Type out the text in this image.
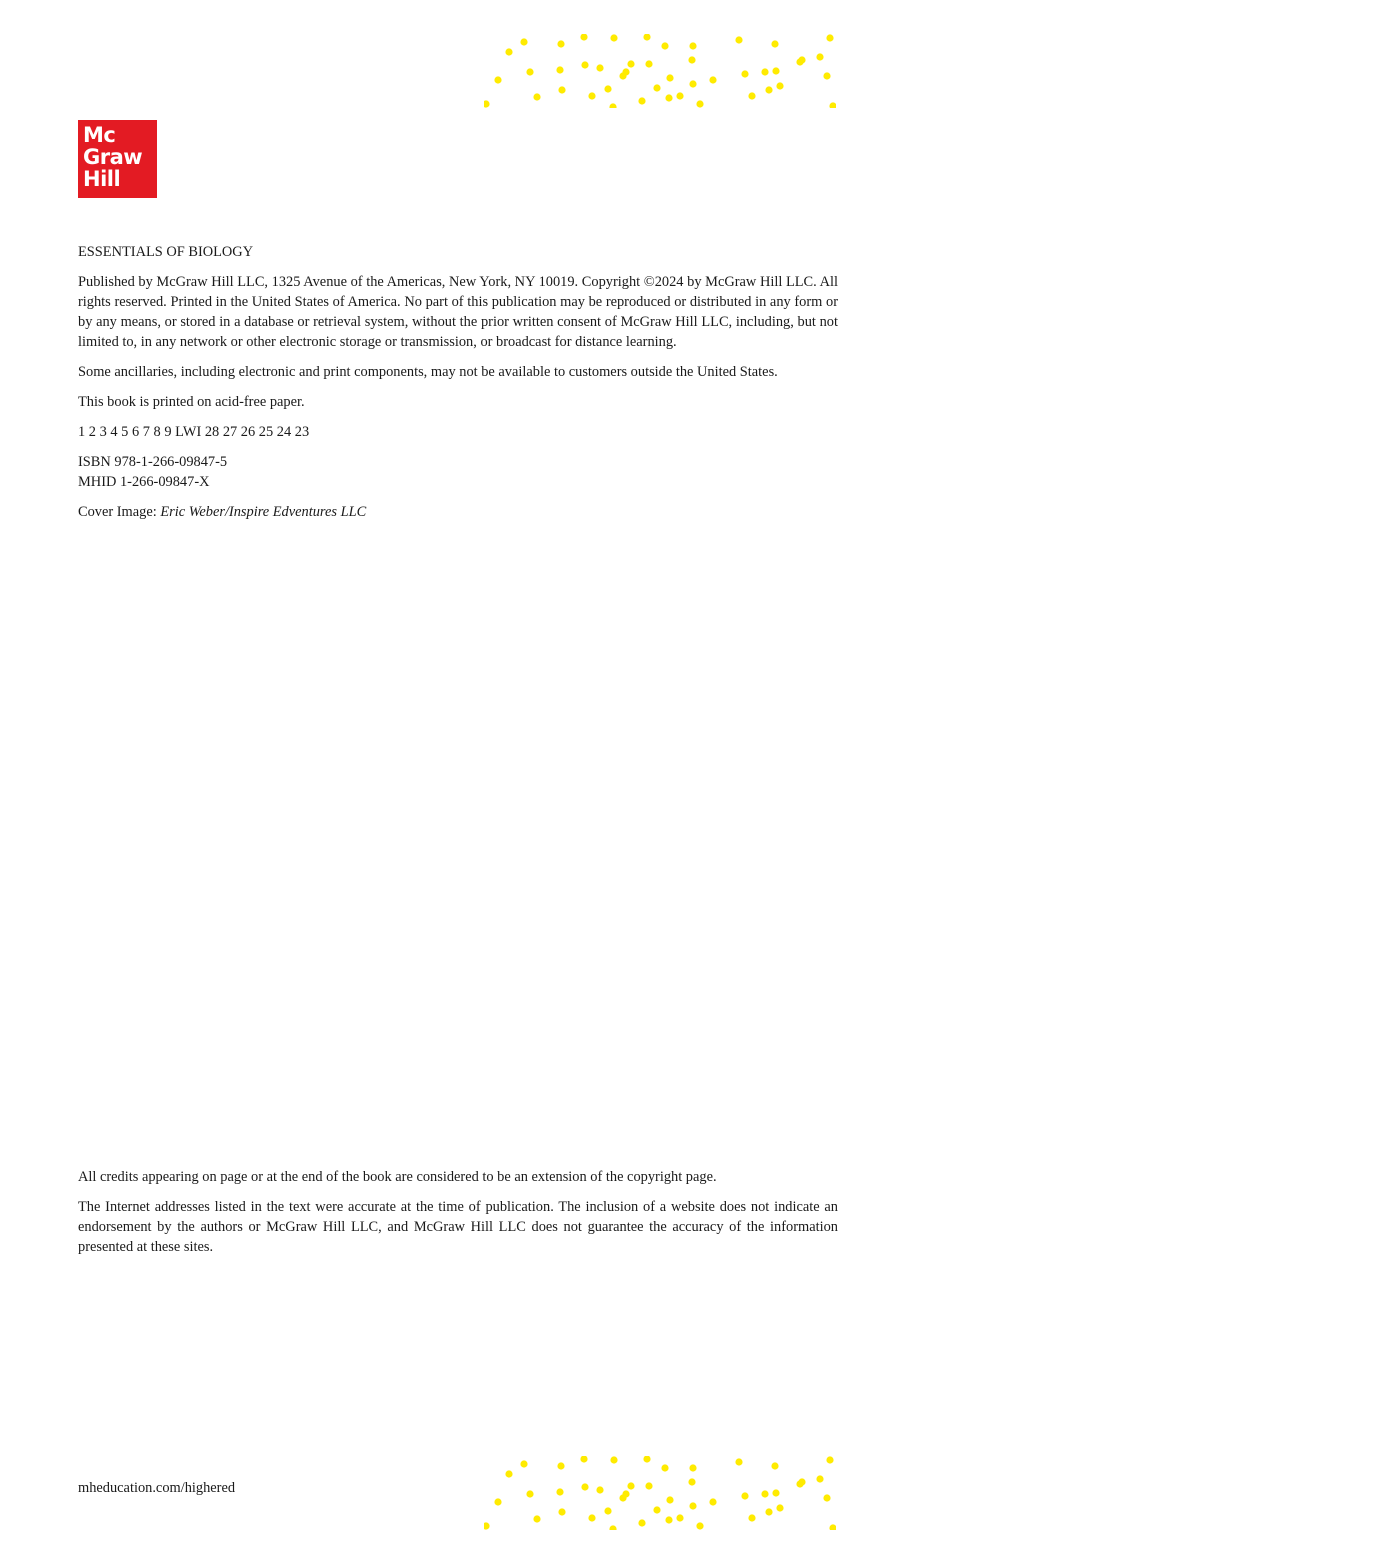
Mc
Graw
Hill

ESSENTIALS OF BIOLOGY

Published by McGraw Hill LLC, 1325 Avenue of the Americas, New York, NY 10019. Copyright ©2024 by McGraw Hill LLC. All rights reserved. Printed in the United States of America. No part of this publication may be reproduced or distributed in any form or by any means, or stored in a database or retrieval system, without the prior written consent of McGraw Hill LLC, including, but not limited to, in any network or other electronic storage or transmission, or broadcast for distance learning.

Some ancillaries, including electronic and print components, may not be available to customers outside the United States.

This book is printed on acid-free paper.

1 2 3 4 5 6 7 8 9 LWI 28 27 26 25 24 23

ISBN 978-1-266-09847-5
MHID 1-266-09847-X

Cover Image: Eric Weber/Inspire Edventures LLC

All credits appearing on page or at the end of the book are considered to be an extension of the copyright page.

The Internet addresses listed in the text were accurate at the time of publication. The inclusion of a website does not indicate an endorsement by the authors or McGraw Hill LLC, and McGraw Hill LLC does not guarantee the accuracy of the information presented at these sites.

mheducation.com/highered
